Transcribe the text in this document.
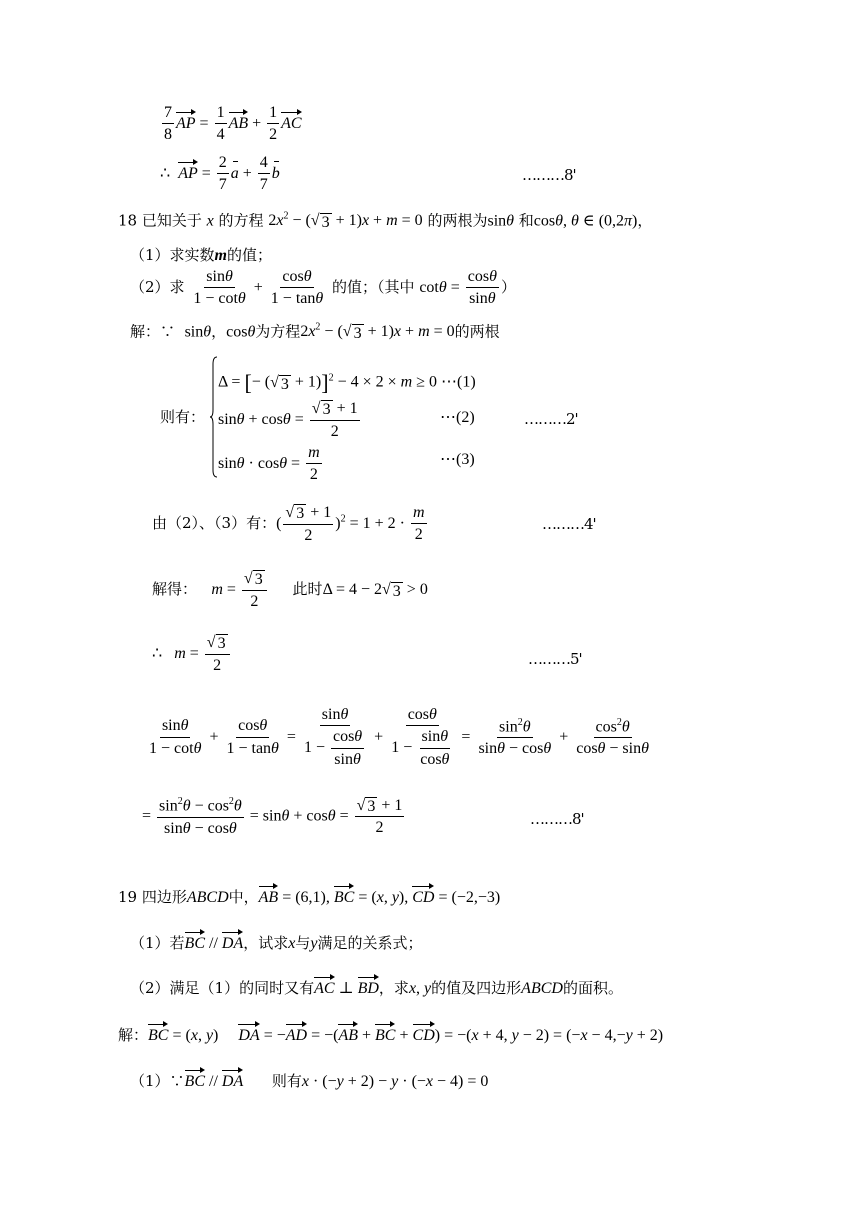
$\frac{7}{8}$ AP = $\frac{1}{4}$ AB + $\frac{1}{2}$ AC
∴  AP = $\frac{2}{7}$ $a + \frac{4}{7}$ b	………8'
18 已知关于 x 的方程 $2x^2$ − (√ 3 + 1)x + m = 0 的两根为sinθ 和cosθ, θ ∈ (0,2π)，
（1）求实数m的值；
（2）求 $\frac{\sin\theta}{1 - \cot\theta} + \frac{\cos\theta}{1 - \tan\theta}$ 的值；（其中 $\cot\theta = \frac{\cos\theta}{\sin\theta}$ ）
解：∵ sinθ，cosθ为方程$2x^2$ − (√ 3 + 1)x + m = 0的两根
则有：
Δ = [− (√ 3 + 1)]$^2$ − 4 × 2 × m ≥ 0 ⋯(1)
$\sin\theta + \cos\theta = \frac{√ 3 + 1}{2}$	⋯(2)	………2'
$\sin\theta \cdot \cos\theta = \frac{m}{2}$	⋯(3)
由（2）、（3）有：( $\frac{√ 3 + 1}{2} )^2 = 1 + 2 \cdot \frac{m}{2}$	………4'
解得： $m = \frac{√ 3}{2}$ 此时Δ = 4 − 2√ 3 > 0
∴ $m = \frac{√ 3}{2}$	………5'
$\frac{\sin\theta}{1 - \cot\theta} + \frac{\cos\theta}{1 - \tan\theta} = \frac{\sin\theta}{1 - \frac{\cos\theta}{\sin\theta}} + \frac{\cos\theta}{1 - \frac{\sin\theta}{\cos\theta}} = \frac{\sin^2\theta}{\sin\theta - \cos\theta} + \frac{\cos^2\theta}{\cos\theta - \sin\theta}$
= $\frac{\sin^2\theta - \cos^2\theta}{\sin\theta - \cos\theta} = \sin\theta + \cos\theta = \frac{√ 3 + 1}{2}$	………8'
19 四边形ABCD中，AB = (6,1), BC = (x, y), CD = (−2,−3)
（1）若BC // DA，试求x与y满足的关系式；
（2）满足（1）的同时又有AC ⊥ BD，求x, y的值及四边形ABCD的面积。
解：BC = (x, y)     DA = −AD = −(AB + BC + CD) = −(x + 4, y − 2) = (−x − 4,−y + 2)
（1）∵BC // DA 则有x · (−y + 2) − y · (−x − 4) = 0
